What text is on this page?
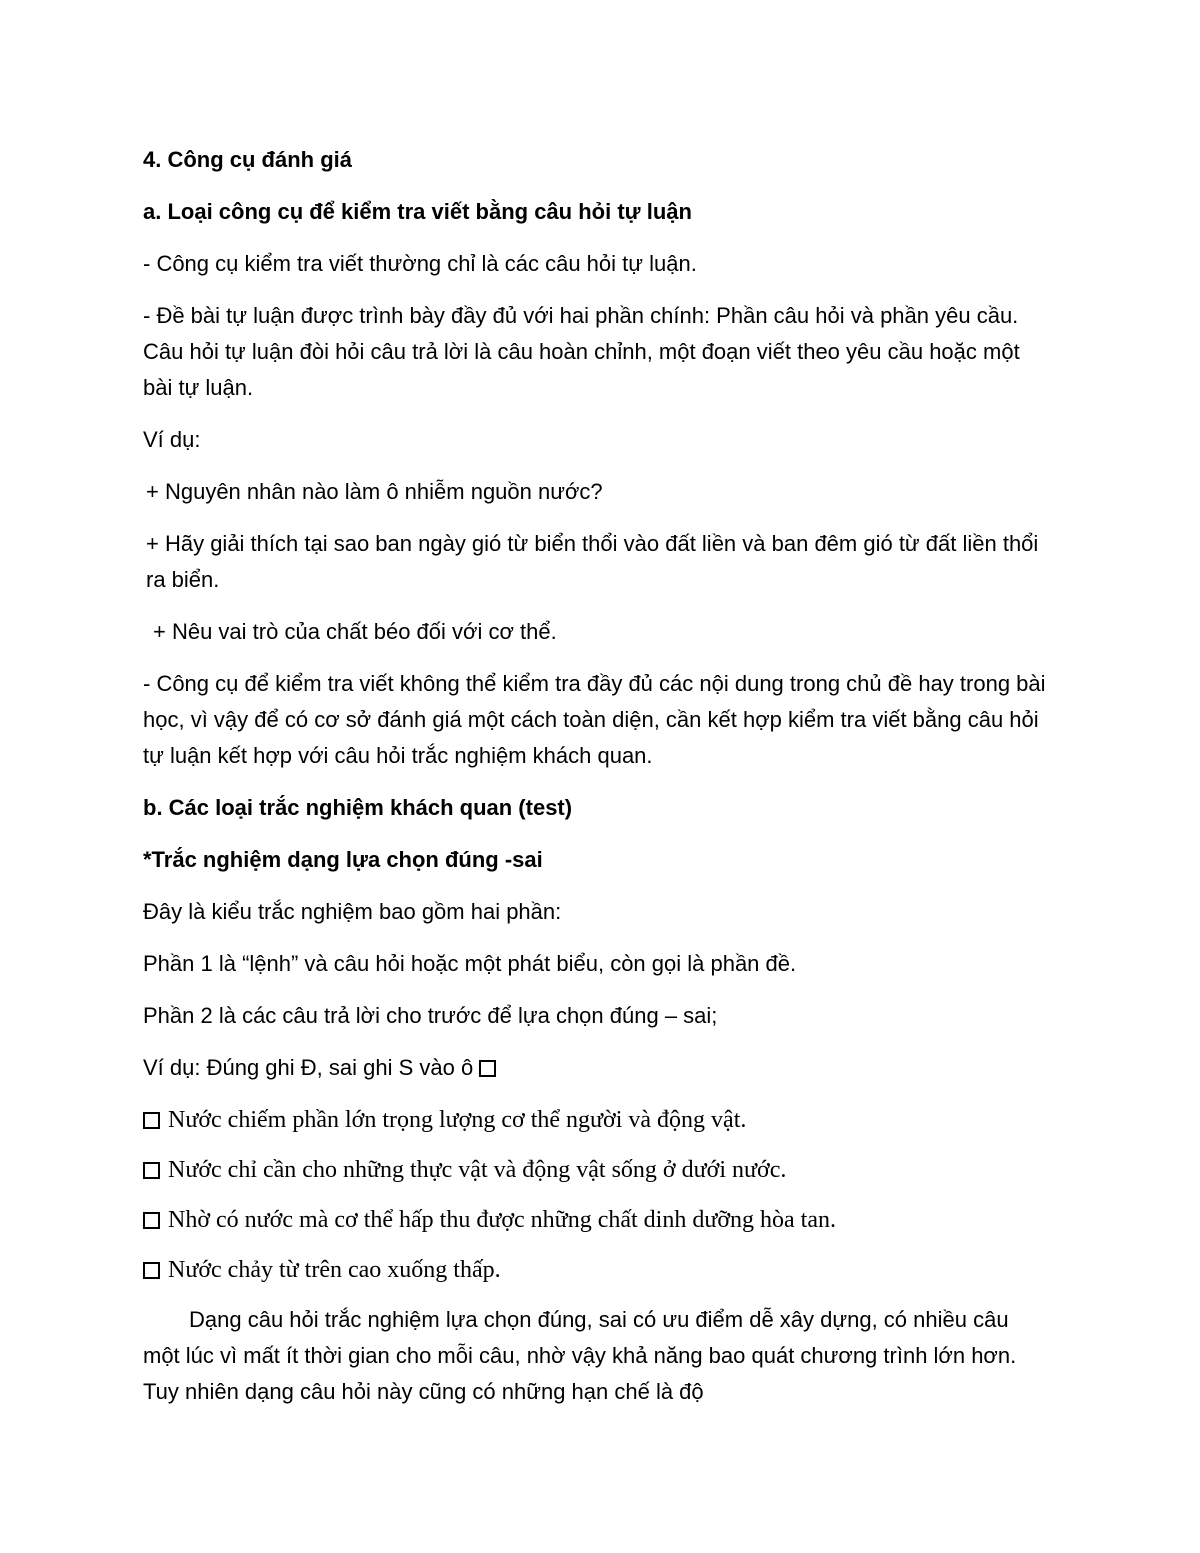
4. Công cụ đánh giá

a. Loại công cụ để kiểm tra viết bằng câu hỏi tự luận

- Công cụ kiểm tra viết thường chỉ là các câu hỏi tự luận.

- Đề bài tự luận được trình bày đầy đủ với hai phần chính: Phần câu hỏi và phần yêu cầu. Câu hỏi tự luận đòi hỏi câu trả lời là câu hoàn chỉnh, một đoạn viết theo yêu cầu hoặc một bài tự luận.

Ví dụ:

+ Nguyên nhân nào làm ô nhiễm nguồn nước?

+ Hãy giải thích tại sao ban ngày gió từ biển thổi vào đất liền và ban đêm gió từ đất liền thổi ra biển.

+ Nêu vai trò của chất béo đối với cơ thể.

- Công cụ để kiểm tra viết không thể kiểm tra đầy đủ các nội dung trong chủ đề hay trong bài học, vì vậy để có cơ sở đánh giá một cách toàn diện, cần kết hợp kiểm tra viết bằng câu hỏi tự luận kết hợp với câu hỏi trắc nghiệm khách quan.

b. Các loại trắc nghiệm khách quan (test)

*Trắc nghiệm dạng lựa chọn đúng -sai

Đây là kiểu trắc nghiệm bao gồm hai phần:

Phần 1 là “lệnh” và câu hỏi hoặc một phát biểu, còn gọi là phần đề.

Phần 2 là các câu trả lời cho trước để lựa chọn đúng – sai;

Ví dụ: Đúng ghi Đ, sai ghi S vào ô

Nước chiếm phần lớn trọng lượng cơ thể người và động vật.

Nước chỉ cần cho những thực vật và động vật sống ở dưới nước.

Nhờ có nước mà cơ thể hấp thu được những chất dinh dưỡng hòa tan.

Nước chảy từ trên cao xuống thấp.

Dạng câu hỏi trắc nghiệm lựa chọn đúng, sai có ưu điểm dễ xây dựng, có nhiều câu một lúc vì mất ít thời gian cho mỗi câu, nhờ vậy khả năng bao quát chương trình lớn hơn. Tuy nhiên dạng câu hỏi này cũng có những hạn chế là độ
